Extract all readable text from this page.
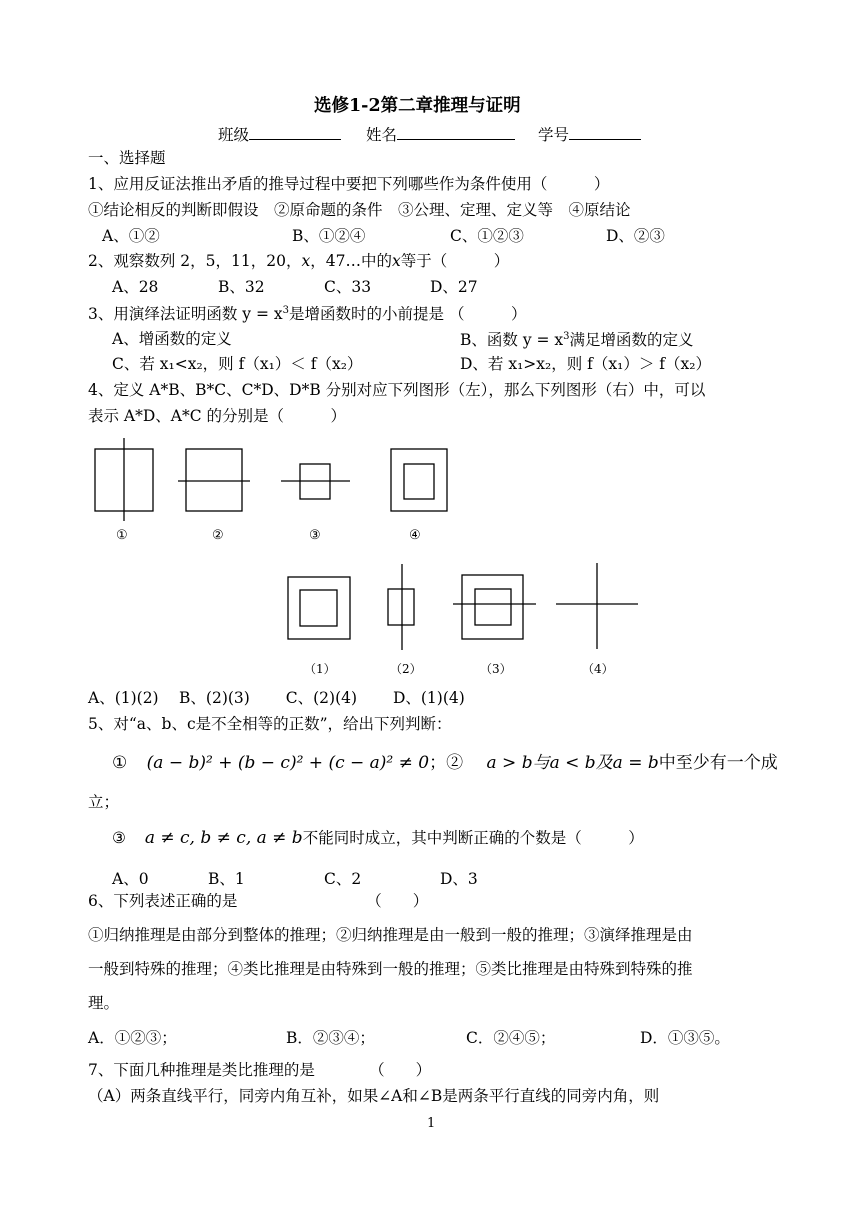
选修1-2第二章推理与证明
班级	姓名	学号
一、选择题
1、应用反证法推出矛盾的推导过程中要把下列哪些作为条件使用（　　　）
①结论相反的判断即假设　②原命题的条件　③公理、定理、定义等　④原结论
A、①②	B、①②④	C、①②③	D、②③
2、观察数列 2，5，11，20，x，47…中的x等于（　　　）
A、28	B、32	C、33	D、27
3、用演绎法证明函数 $y = x^3$是增函数时的小前提是 （　　　）
A、增函数的定义	B、函数 $y = x^3$满足增函数的定义
C、若 x₁<x₂，则 f（x₁）＜ f（x₂）	D、若 x₁>x₂，则 f（x₁）＞ f（x₂）
4、定义 A*B、B*C、C*D、D*B 分别对应下列图形（左），那么下列图形（右）中，可以
表示 A*D、A*C 的分别是（　　　）
①	②	③	④
（1）	（2）	（3）	（4）
A、(1)(2)　 B、(2)(3)　　 C、(2)(4)　　 D、(1)(4)
5、对“a、b、c是不全相等的正数”，给出下列判断：
① (a − b)² + (b − c)² + (c − a)² ≠ 0；② a > b与a < b及a = b中至少有一个成
立；
③ a ≠ c, b ≠ c, a ≠ b不能同时成立，其中判断正确的个数是（　　　）
A、0	B、1	C、2	D、3
6、下列表述正确的是　　　　　　　　 （　　）
①归纳推理是由部分到整体的推理；②归纳推理是由一般到一般的推理；③演绎推理是由
一般到特殊的推理；④类比推理是由特殊到一般的推理；⑤类比推理是由特殊到特殊的推
理。
A．①②③；	B．②③④；	C．②④⑤；	D．①③⑤。
7、下面几种推理是类比推理的是　　　　（　　）
（A）两条直线平行，同旁内角互补，如果∠A和∠B是两条平行直线的同旁内角，则
1
